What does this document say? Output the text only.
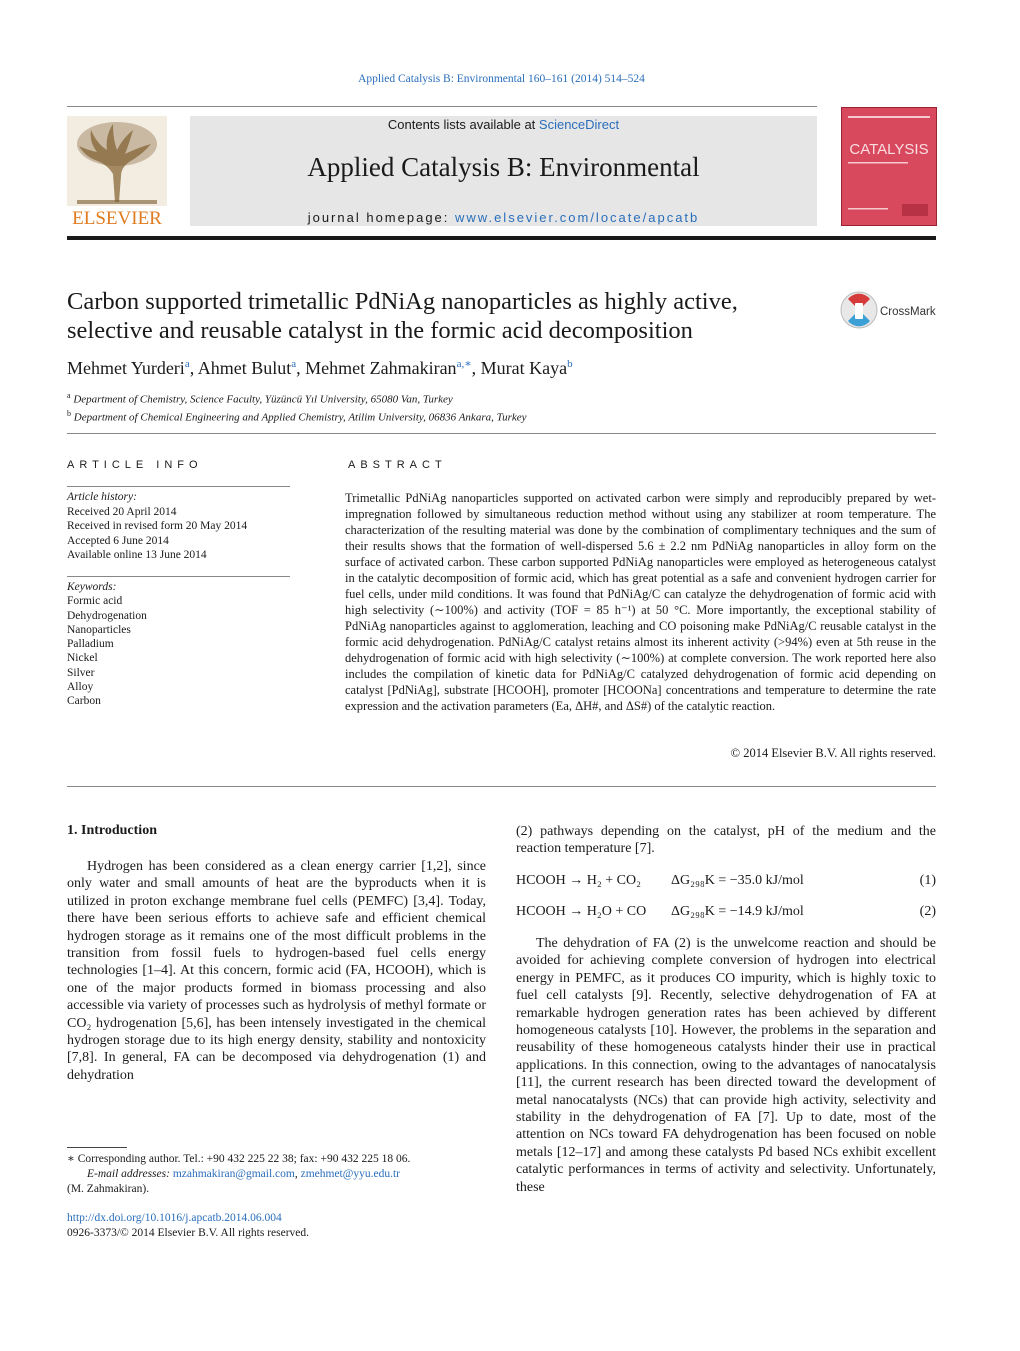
Applied Catalysis B: Environmental 160–161 (2014) 514–524
ELSEVIER
Contents lists available at ScienceDirect
Applied Catalysis B: Environmental
journal homepage: www.elsevier.com/locate/apcatb
CATALYSIS
Carbon supported trimetallic PdNiAg nanoparticles as highly active, selective and reusable catalyst in the formic acid decomposition
CrossMark
Mehmet Yurderi$^a$, Ahmet Bulut$^a$, Mehmet Zahmakiran$^{a,∗}$, Murat Kaya$^b$
$^a$ Department of Chemistry, Science Faculty, Yüzüncü Yıl University, 65080 Van, Turkey
$^b$ Department of Chemical Engineering and Applied Chemistry, Atilim University, 06836 Ankara, Turkey
ARTICLE INFO	ABSTRACT
Article history:
Received 20 April 2014
Received in revised form 20 May 2014
Accepted 6 June 2014
Available online 13 June 2014
Keywords:
Formic acid
Dehydrogenation
Nanoparticles
Palladium
Nickel
Silver
Alloy
Carbon
Trimetallic PdNiAg nanoparticles supported on activated carbon were simply and reproducibly prepared by wet-impregnation followed by simultaneous reduction method without using any stabilizer at room temperature. The characterization of the resulting material was done by the combination of complimentary techniques and the sum of their results shows that the formation of well-dispersed 5.6 ± 2.2 nm PdNiAg nanoparticles in alloy form on the surface of activated carbon. These carbon supported PdNiAg nanoparticles were employed as heterogeneous catalyst in the catalytic decomposition of formic acid, which has great potential as a safe and convenient hydrogen carrier for fuel cells, under mild conditions. It was found that PdNiAg/C can catalyze the dehydrogenation of formic acid with high selectivity (∼100%) and activity (TOF = 85 h⁻¹) at 50 °C. More importantly, the exceptional stability of PdNiAg nanoparticles against to agglomeration, leaching and CO poisoning make PdNiAg/C reusable catalyst in the formic acid dehydrogenation. PdNiAg/C catalyst retains almost its inherent activity (>94%) even at 5th reuse in the dehydrogenation of formic acid with high selectivity (∼100%) at complete conversion. The work reported here also includes the compilation of kinetic data for PdNiAg/C catalyzed dehydrogenation of formic acid depending on catalyst [PdNiAg], substrate [HCOOH], promoter [HCOONa] concentrations and temperature to determine the rate expression and the activation parameters (Ea, ΔH#, and ΔS#) of the catalytic reaction.
© 2014 Elsevier B.V. All rights reserved.
1. Introduction
Hydrogen has been considered as a clean energy carrier [1,2], since only water and small amounts of heat are the byproducts when it is utilized in proton exchange membrane fuel cells (PEMFC) [3,4]. Today, there have been serious efforts to achieve safe and efficient chemical hydrogen storage as it remains one of the most difficult problems in the transition from fossil fuels to hydrogen-based fuel cells energy technologies [1–4]. At this concern, formic acid (FA, HCOOH), which is one of the major products formed in biomass processing and also accessible via variety of processes such as hydrolysis of methyl formate or CO₂ hydrogenation [5,6], has been intensely investigated in the chemical hydrogen storage due to its high energy density, stability and nontoxicity [7,8]. In general, FA can be decomposed via dehydrogenation (1) and dehydration
(2) pathways depending on the catalyst, pH of the medium and the reaction temperature [7].
HCOOH → H₂ + CO₂ ΔG₂₉₈K = −35.0 kJ/mol	(1)
HCOOH → H₂O + CO ΔG₂₉₈K = −14.9 kJ/mol	(2)
The dehydration of FA (2) is the unwelcome reaction and should be avoided for achieving complete conversion of hydrogen into electrical energy in PEMFC, as it produces CO impurity, which is highly toxic to fuel cell catalysts [9]. Recently, selective dehydrogenation of FA at remarkable hydrogen generation rates has been achieved by different homogeneous catalysts [10]. However, the problems in the separation and reusability of these homogeneous catalysts hinder their use in practical applications. In this connection, owing to the advantages of nanocatalysis [11], the current research has been directed toward the development of metal nanocatalysts (NCs) that can provide high activity, selectivity and stability in the dehydrogenation of FA [7]. Up to date, most of the attention on NCs toward FA dehydrogenation has been focused on noble metals [12–17] and among these catalysts Pd based NCs exhibit excellent catalytic performances in terms of activity and selectivity. Unfortunately, these
∗ Corresponding author. Tel.: +90 432 225 22 38; fax: +90 432 225 18 06.
E-mail addresses: mzahmakiran@gmail.com, zmehmet@yyu.edu.tr
(M. Zahmakiran).
http://dx.doi.org/10.1016/j.apcatb.2014.06.004
0926-3373/© 2014 Elsevier B.V. All rights reserved.
